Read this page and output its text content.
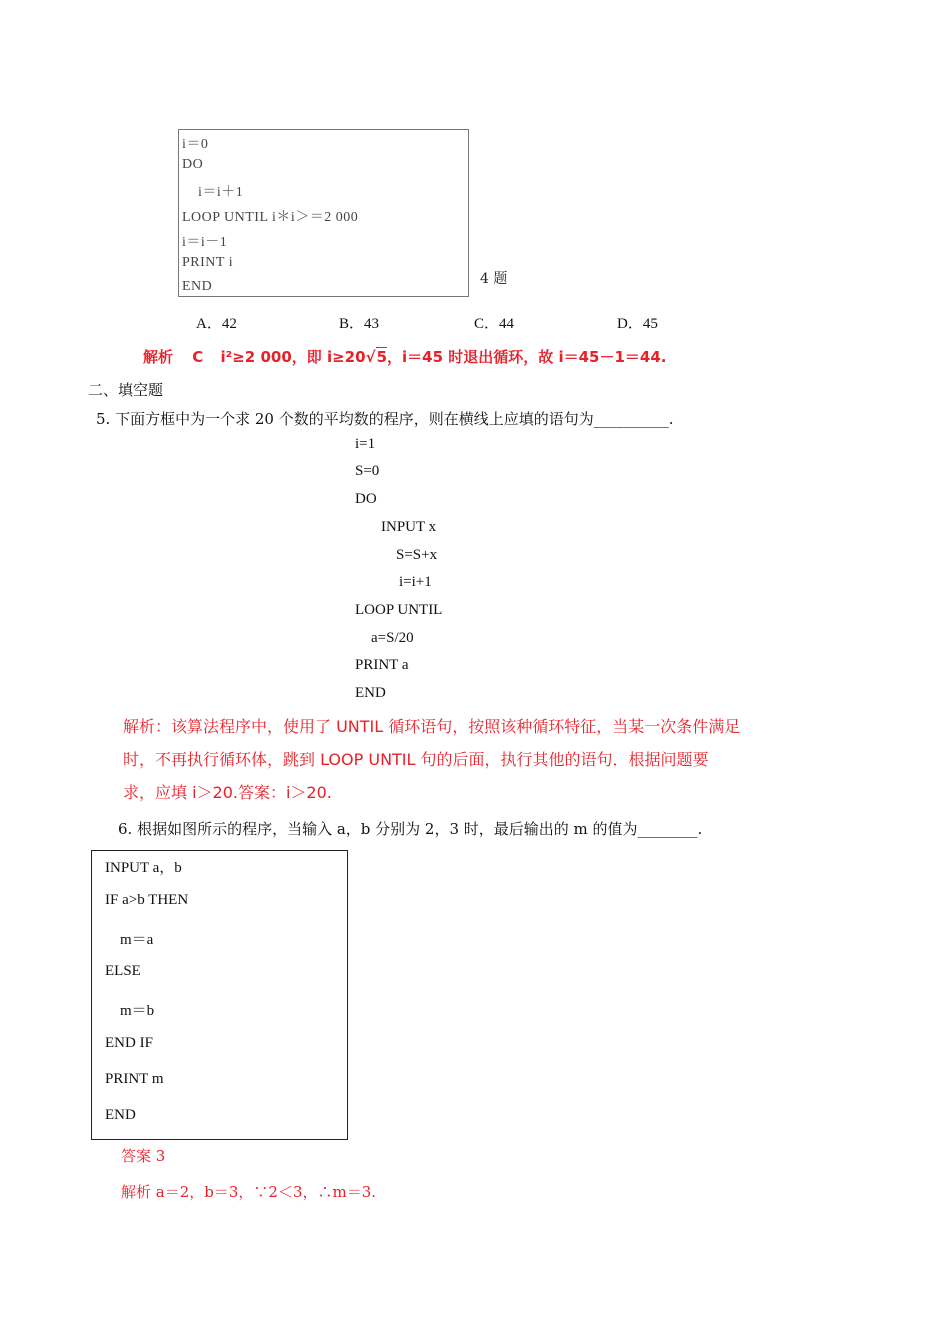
i＝0
DO
i＝i＋1
LOOP UNTIL i＊i＞＝2 000
i＝i－1
PRINT i
END	4 题
A．42	B．43	C．44	D．45
解析 C i²≥2 000，即 i≥20√5，i＝45 时退出循环，故 i＝45－1＝44.
二、填空题
5. 下面方框中为一个求 20 个数的平均数的程序，则在横线上应填的语句为__________.
i=1
S=0
DO
INPUT x
S=S+x
i=i+1
LOOP UNTIL
a=S/20
PRINT a
END
解析：该算法程序中，使用了 UNTIL 循环语句，按照该种循环特征，当某一次条件满足
时，不再执行循环体，跳到 LOOP UNTIL 句的后面，执行其他的语句．根据问题要
求，应填 i＞20.答案：i＞20.
6. 根据如图所示的程序，当输入 a，b 分别为 2，3 时，最后输出的 m 的值为________.
INPUT a，b
IF a>b THEN
m＝a
ELSE
m＝b
END IF
PRINT m
END
答案 3
解析 a＝2，b＝3，∵2＜3，∴m＝3.
